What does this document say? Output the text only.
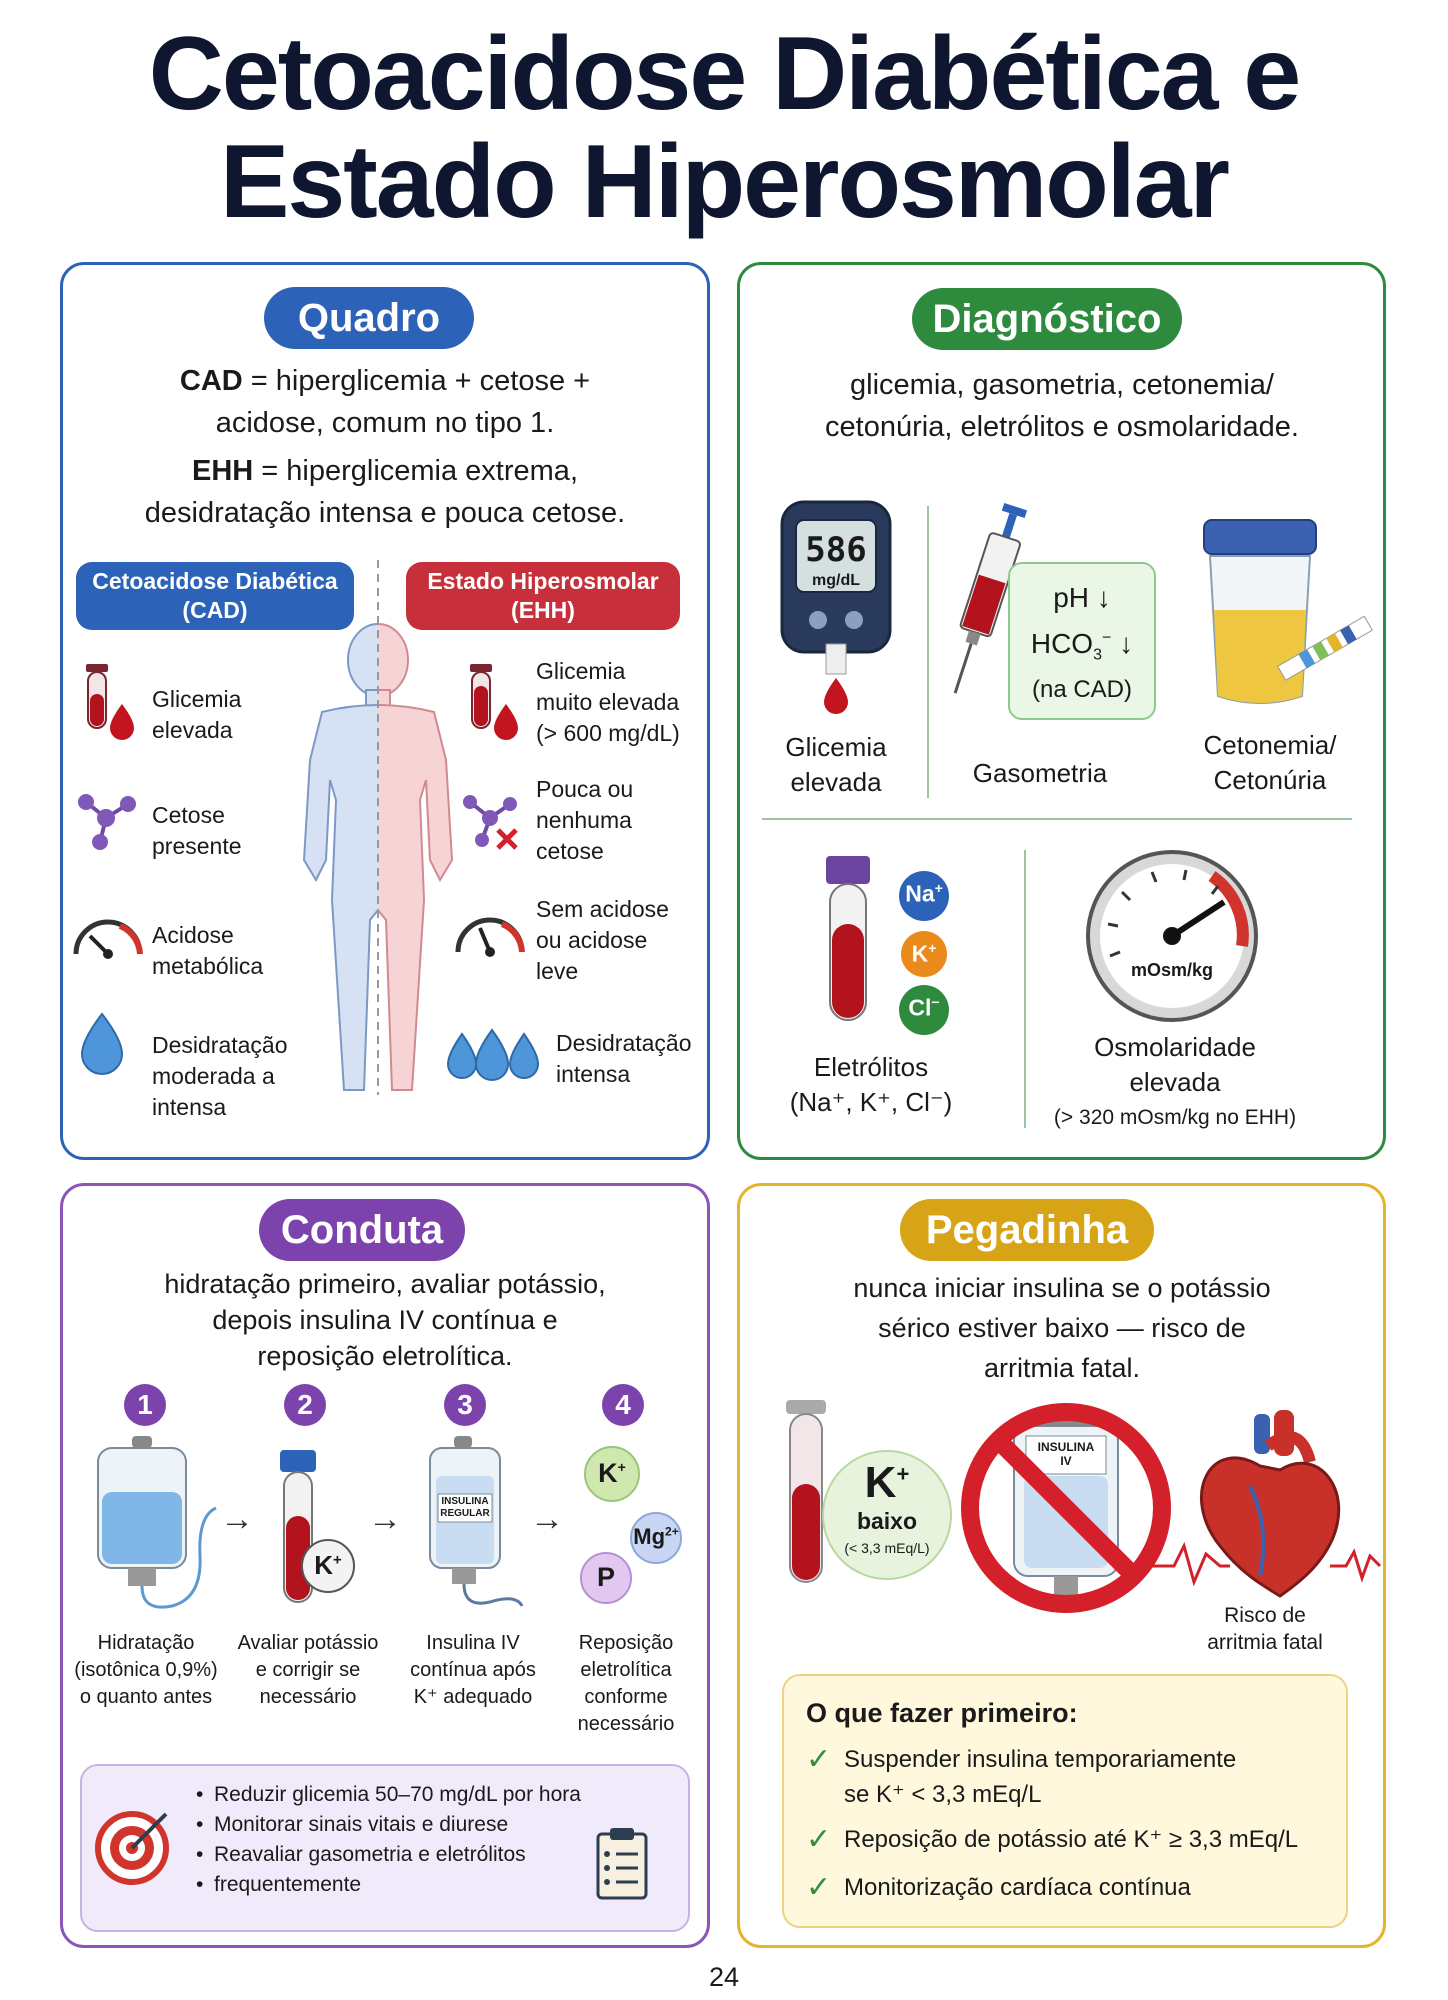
Cetoacidose Diabética e
Estado Hiperosmolar
Quadro
CAD = hiperglicemia + cetose +
acidose, comum no tipo 1.
EHH = hiperglicemia extrema,
desidratação intensa e pouca cetose.
Cetoacidose Diabética
(CAD)
Estado Hiperosmolar
(EHH)
Glicemia
elevada
Cetose
presente
Acidose
metabólica
Desidratação
moderada a
intensa
Glicemia
muito elevada
(> 600 mg/dL)
Pouca ou
nenhuma
cetose
Sem acidose
ou acidose
leve
Desidratação
intensa
Diagnóstico
glicemia, gasometria, cetonemia/
cetonúria, eletrólitos e osmolaridade.
586
mg/dL
Glicemia
elevada
pH ↓
$HCO_3^-$ ↓
(na CAD)
Gasometria
Cetonemia/
Cetonúria
Na+
K+
Cl−
Eletrólitos
(Na⁺, K⁺, Cl⁻)
mOsm/kg
Osmolaridade
elevada
(> 320 mOsm/kg no EHH)
Conduta
hidratação primeiro, avaliar potássio,
depois insulina IV contínua e
reposição eletrolítica.
1	2	3	4
→
K+
→	INSULINA
REGULAR →
K+
$Mg^{2+}$
P
Hidratação
(isotônica 0,9%)
o quanto antes
Avaliar potássio
e corrigir se
necessário
Insulina IV
contínua após
K⁺ adequado
Reposição
eletrolítica
conforme
necessário
• Reduzir glicemia 50–70 mg/dL por hora
• Monitorar sinais vitais e diurese
• Reavaliar gasometria e eletrólitos
• frequentemente
Pegadinha
nunca iniciar insulina se o potássio
sérico estiver baixo — risco de
arritmia fatal.
K+
baixo
(< 3,3 mEq/L)
INSULINA
IV
Risco de
arritmia fatal
O que fazer primeiro:
✓ Suspender insulina temporariamente
se K⁺ < 3,3 mEq/L
✓ Reposição de potássio até K⁺ ≥ 3,3 mEq/L
✓ Monitorização cardíaca contínua
24
